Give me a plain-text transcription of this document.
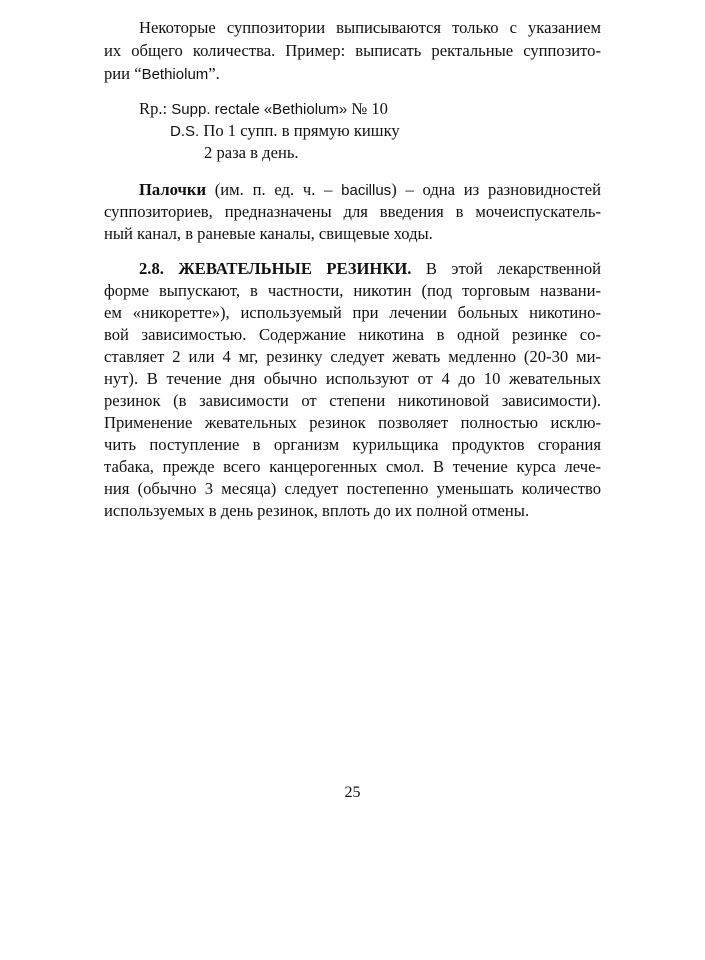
Некоторые суппозитории выписываются только с указанием
их общего количества. Пример: выписать ректальные суппозито-
рии “Bethiolum”.
Rp.: Supp. rectale «Bethiolum» № 10
D.S. По 1 супп. в прямую кишку
2 раза в день.
Палочки (им. п. ед. ч. – bacillus) – одна из разновидностей
суппозиториев, предназначены для введения в мочеиспускатель-
ный канал, в раневые каналы, свищевые ходы.
2.8. ЖЕВАТЕЛЬНЫЕ РЕЗИНКИ. В этой лекарственной
форме выпускают, в частности, никотин (под торговым названи-
ем «никоретте»), используемый при лечении больных никотино-
вой зависимостью. Содержание никотина в одной резинке со-
ставляет 2 или 4 мг, резинку следует жевать медленно (20-30 ми-
нут). В течение дня обычно используют от 4 до 10 жевательных
резинок (в зависимости от степени никотиновой зависимости).
Применение жевательных резинок позволяет полностью исклю-
чить поступление в организм курильщика продуктов сгорания
табака, прежде всего канцерогенных смол. В течение курса лече-
ния (обычно 3 месяца) следует постепенно уменьшать количество
используемых в день резинок, вплоть до их полной отмены.
25
